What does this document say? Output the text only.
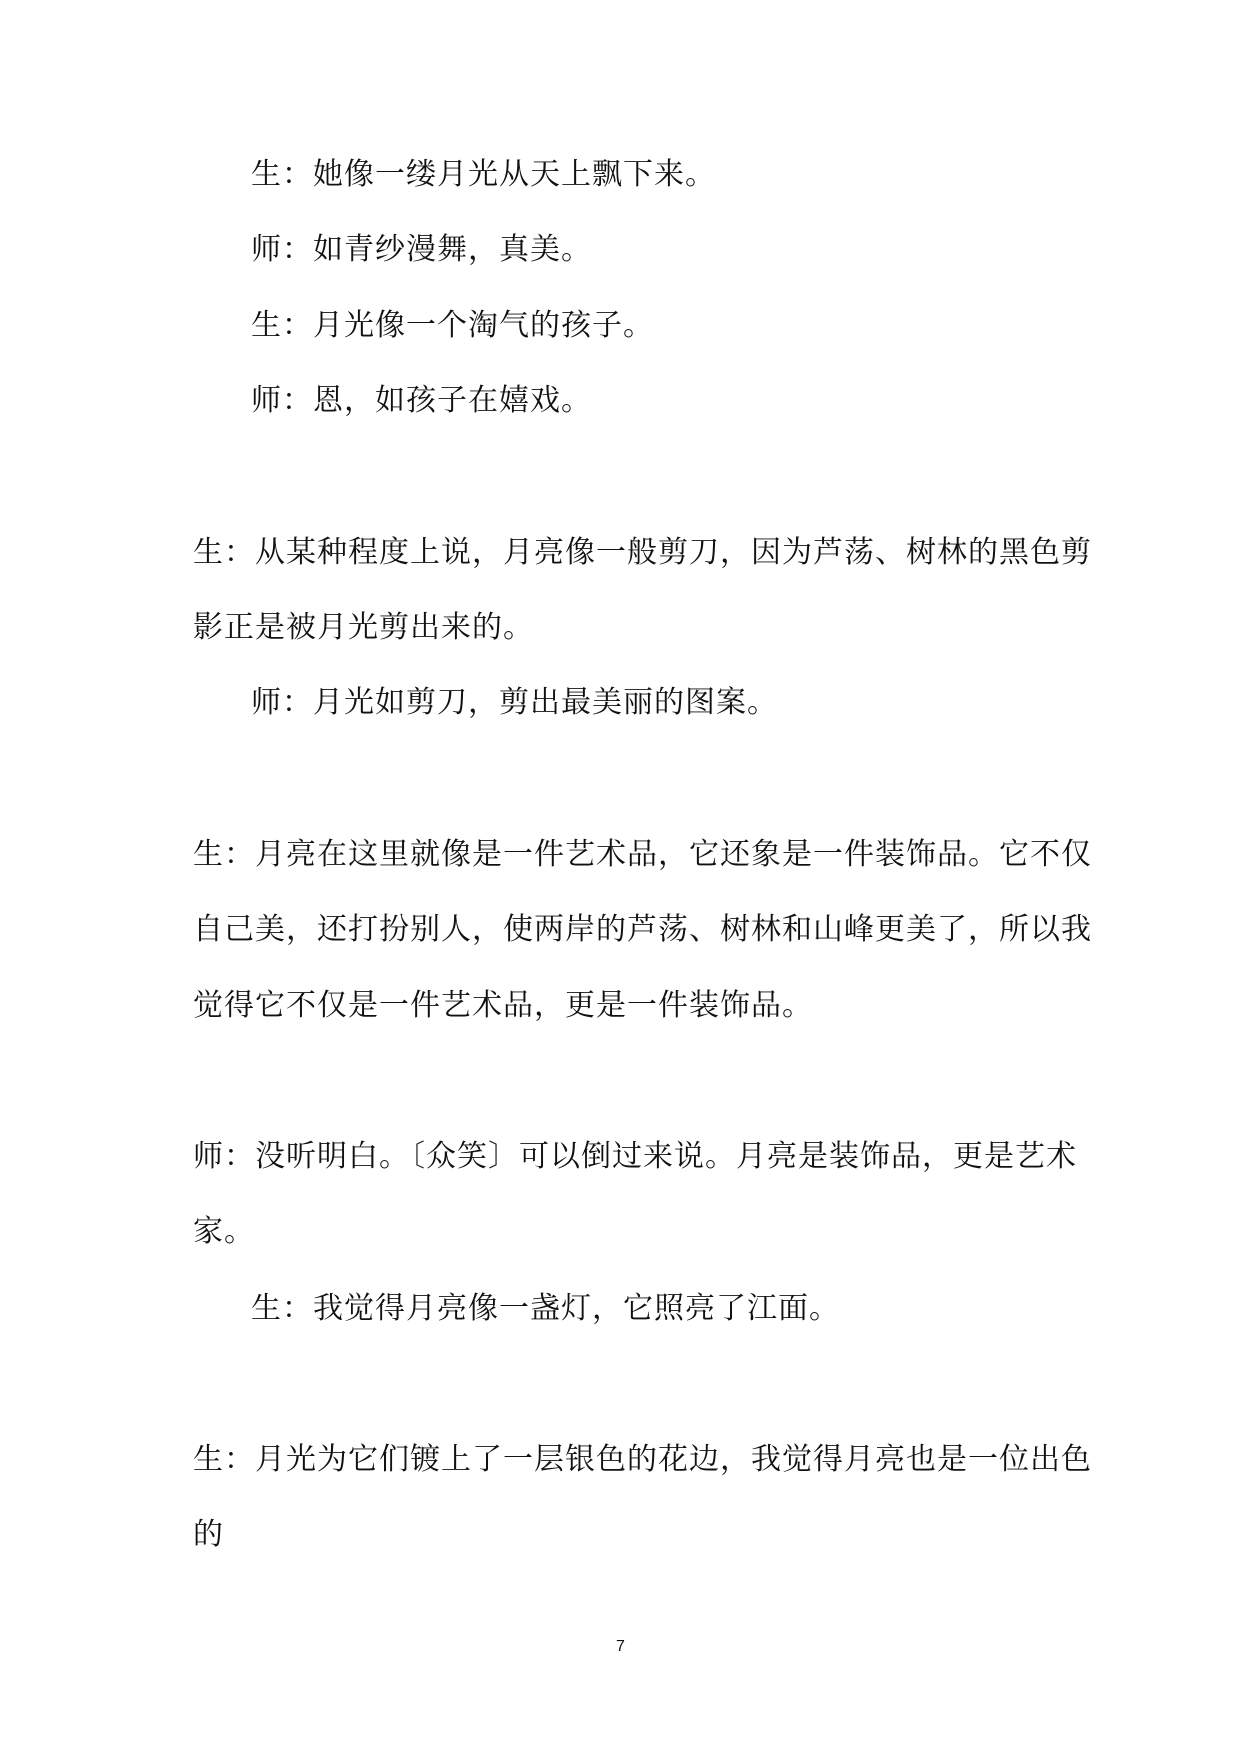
生：她像一缕月光从天上飘下来。
师：如青纱漫舞，真美。
生：月光像一个淘气的孩子。
师：恩，如孩子在嬉戏。
生：从某种程度上说，月亮像一般剪刀，因为芦荡、树林的黑色剪
影正是被月光剪出来的。
师：月光如剪刀，剪出最美丽的图案。
生：月亮在这里就像是一件艺术品，它还象是一件装饰品。它不仅
自己美，还打扮别人，使两岸的芦荡、树林和山峰更美了，所以我
觉得它不仅是一件艺术品，更是一件装饰品。
师：没听明白。〔众笑〕可以倒过来说。月亮是装饰品，更是艺术
家。
生：我觉得月亮像一盏灯，它照亮了江面。
生：月光为它们镀上了一层银色的花边，我觉得月亮也是一位出色
的
7
